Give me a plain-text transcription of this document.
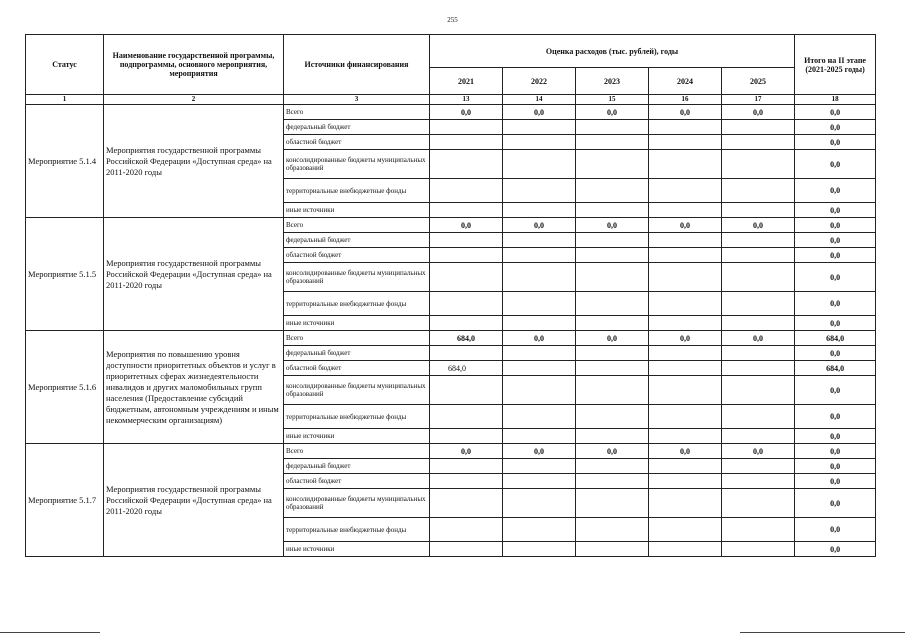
255
Статус	Наименование государственной программы, подпрограммы, основного мероприятия, мероприятия	Источники финансирования	Оценка расходов (тыс. рублей), годы					Итого на II этапе (2021-2025 годы)
			2021	2022	2023	2024	2025	
1	2	3	13	14	15	16	17	18
Мероприятие 5.1.4	Мероприятия государственной программы Российской Федерации «Доступная среда» на 2011-2020 годы	Всего	0,0	0,0	0,0	0,0	0,0	0,0
		федеральный бюджет						0,0
		областной бюджет						0,0
		консолидированные бюджеты муниципальных образований						0,0
		территориальные внебюджетные фонды						0,0
		иные источники						0,0
Мероприятие 5.1.5	Мероприятия государственной программы Российской Федерации «Доступная среда» на 2011-2020 годы	Всего	0,0	0,0	0,0	0,0	0,0	0,0
		федеральный бюджет						0,0
		областной бюджет						0,0
		консолидированные бюджеты муниципальных образований						0,0
		территориальные внебюджетные фонды						0,0
		иные источники						0,0
Мероприятие 5.1.6	Мероприятия по повышению уровня доступности приоритетных объектов и услуг в приоритетных сферах жизнедеятельности инвалидов и других маломобильных групп населения (Предоставление субсидий бюджетным, автономным учреждениям и иным некоммерческим организациям)	Всего	684,0	0,0	0,0	0,0	0,0	684,0
		федеральный бюджет						0,0
		областной бюджет	684,0					684,0
		консолидированные бюджеты муниципальных образований						0,0
		территориальные внебюджетные фонды						0,0
		иные источники						0,0
Мероприятие 5.1.7	Мероприятия государственной программы Российской Федерации «Доступная среда» на 2011-2020 годы	Всего	0,0	0,0	0,0	0,0	0,0	0,0
		федеральный бюджет						0,0
		областной бюджет						0,0
		консолидированные бюджеты муниципальных образований						0,0
		территориальные внебюджетные фонды						0,0
		иные источники						0,0
